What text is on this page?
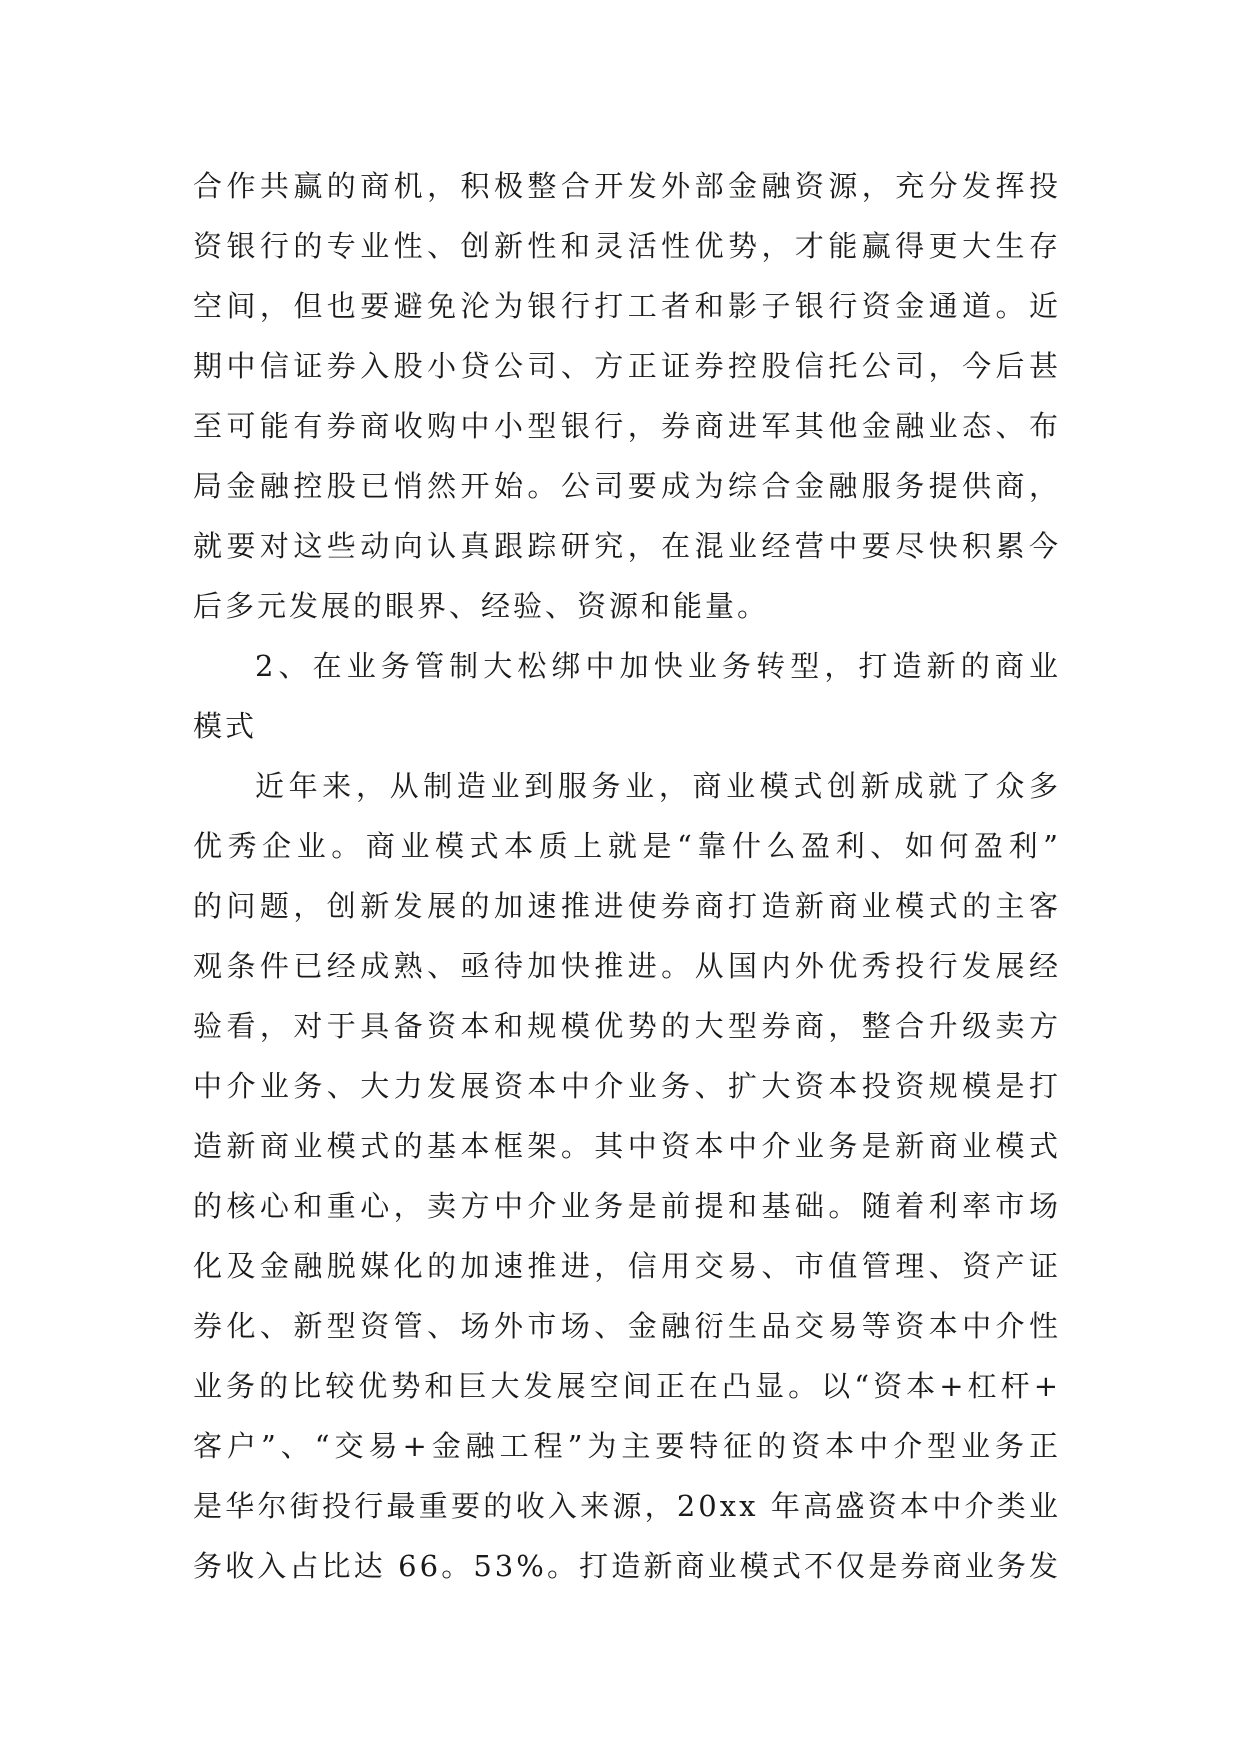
合作共赢的商机，积极整合开发外部金融资源，充分发挥投
资银行的专业性、创新性和灵活性优势，才能赢得更大生存
空间，但也要避免沦为银行打工者和影子银行资金通道。近
期中信证券入股小贷公司、方正证券控股信托公司，今后甚
至可能有券商收购中小型银行，券商进军其他金融业态、布
局金融控股已悄然开始。公司要成为综合金融服务提供商，
就要对这些动向认真跟踪研究，在混业经营中要尽快积累今
后多元发展的眼界、经验、资源和能量。
2、在业务管制大松绑中加快业务转型，打造新的商业
模式
近年来，从制造业到服务业，商业模式创新成就了众多
优秀企业。商业模式本质上就是“靠什么盈利、如何盈利”
的问题，创新发展的加速推进使券商打造新商业模式的主客
观条件已经成熟、亟待加快推进。从国内外优秀投行发展经
验看，对于具备资本和规模优势的大型券商，整合升级卖方
中介业务、大力发展资本中介业务、扩大资本投资规模是打
造新商业模式的基本框架。其中资本中介业务是新商业模式
的核心和重心，卖方中介业务是前提和基础。随着利率市场
化及金融脱媒化的加速推进，信用交易、市值管理、资产证
券化、新型资管、场外市场、金融衍生品交易等资本中介性
业务的比较优势和巨大发展空间正在凸显。以“资本+杠杆+
客户”、“交易+金融工程”为主要特征的资本中介型业务正
是华尔街投行最重要的收入来源，20xx 年高盛资本中介类业
务收入占比达 66。53%。打造新商业模式不仅是券商业务发
